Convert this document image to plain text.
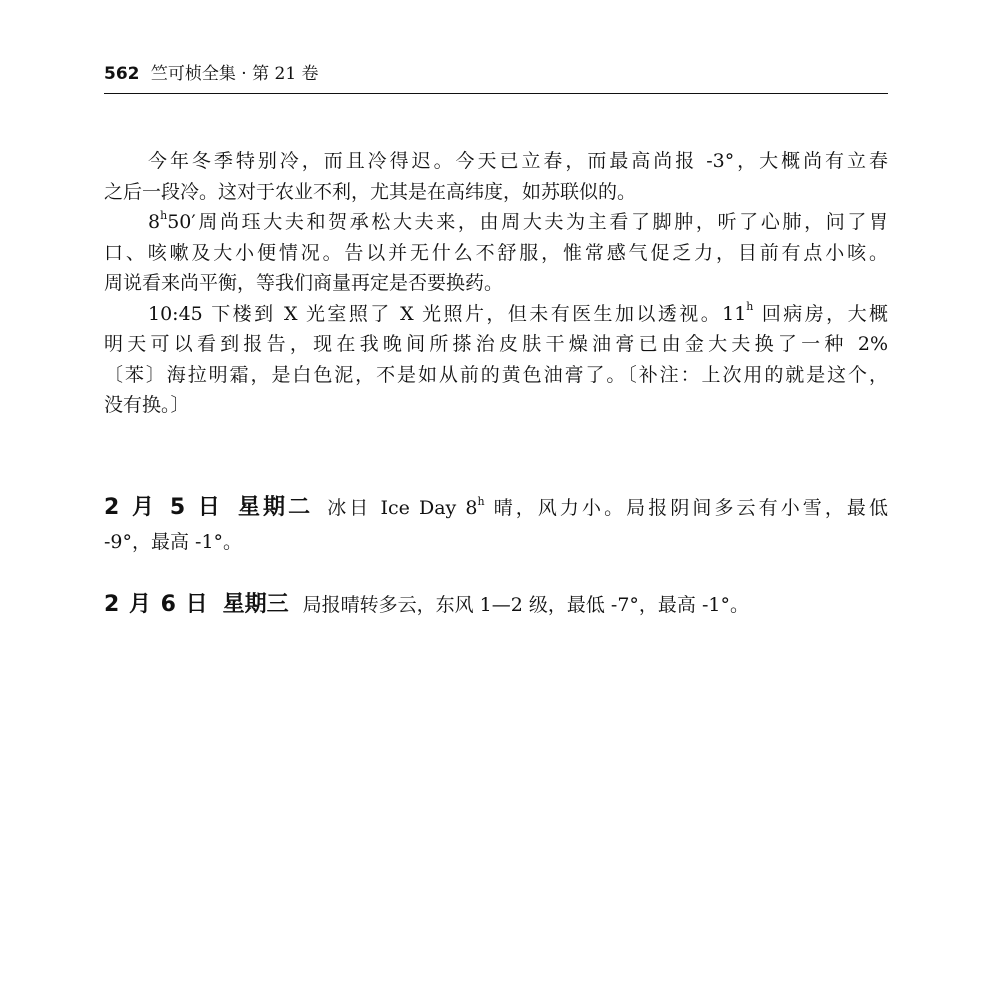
562 竺可桢全集 · 第 21 卷
今年冬季特别冷，而且冷得迟。今天已立春，而最高尚报 -3°，大概尚有立春
之后一段冷。这对于农业不利，尤其是在高纬度，如苏联似的。
8$^h$50′周尚珏大夫和贺承松大夫来，由周大夫为主看了脚肿，听了心肺，问了胃
口、咳嗽及大小便情况。告以并无什么不舒服，惟常感气促乏力，目前有点小咳。
周说看来尚平衡，等我们商量再定是否要换药。
10:45 下楼到 X 光室照了 X 光照片，但未有医生加以透视。11$^h$ 回病房，大概
明天可以看到报告，现在我晚间所搽治皮肤干燥油膏已由金大夫换了一种 2%
〔苯〕海拉明霜，是白色泥，不是如从前的黄色油膏了。〔补注：上次用的就是这个，
没有换。〕
2 月 5 日 星期二 冰日 Ice Day 8$^h$ 晴，风力小。局报阴间多云有小雪，最低
-9°，最高 -1°。
2 月 6 日 星期三 局报晴转多云，东风 1—2 级，最低 -7°，最高 -1°。
